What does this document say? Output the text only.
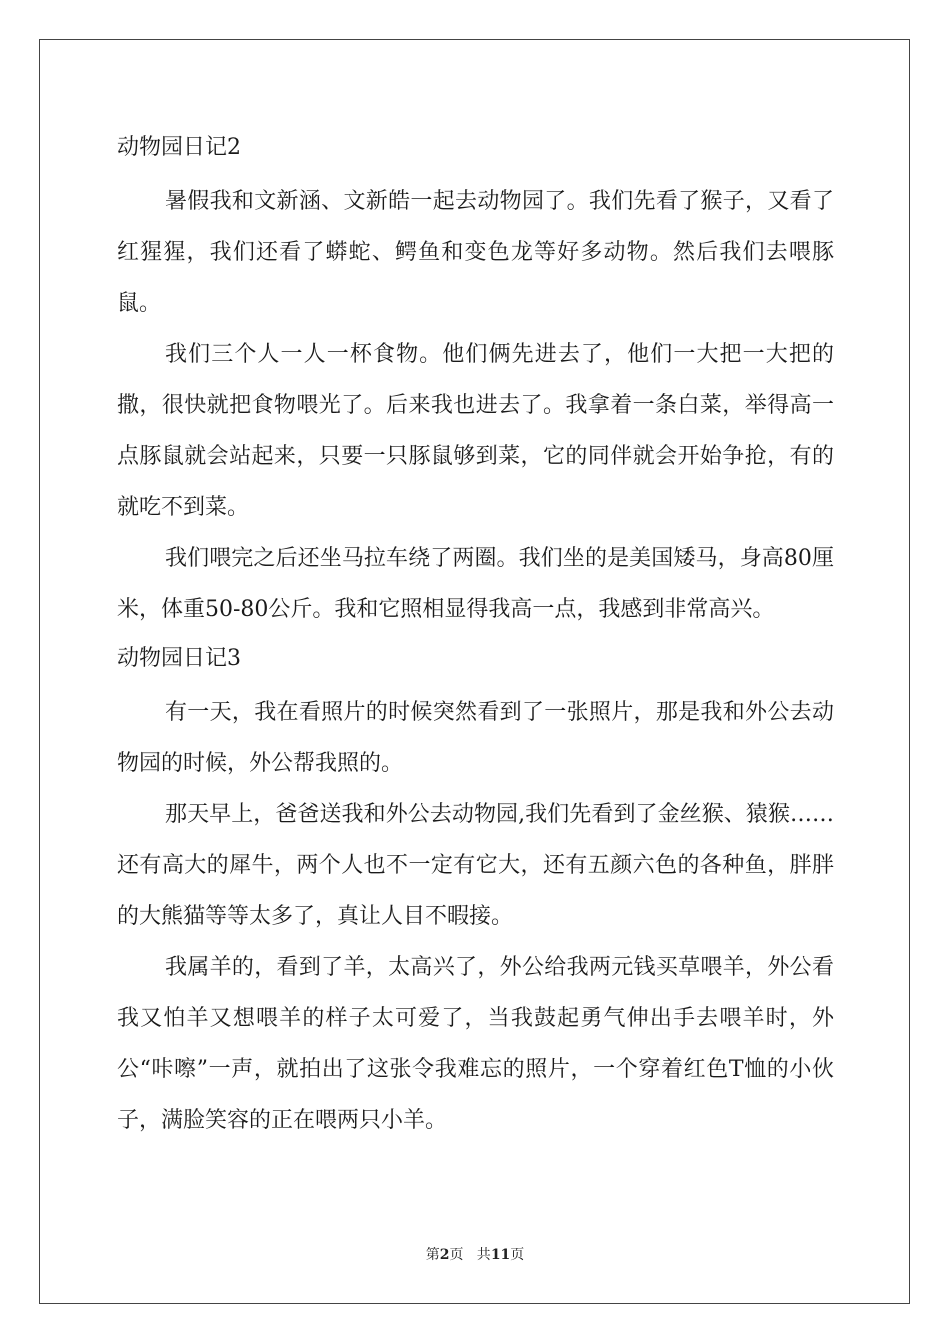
动物园日记2

暑假我和文新涵、文新皓一起去动物园了。我们先看了猴子，又看了红猩猩，我们还看了蟒蛇、鳄鱼和变色龙等好多动物。然后我们去喂豚鼠。

我们三个人一人一杯食物。他们俩先进去了，他们一大把一大把的撒，很快就把食物喂光了。后来我也进去了。我拿着一条白菜，举得高一点豚鼠就会站起来，只要一只豚鼠够到菜，它的同伴就会开始争抢，有的就吃不到菜。

我们喂完之后还坐马拉车绕了两圈。我们坐的是美国矮马，身高80厘米，体重50-80公斤。我和它照相显得我高一点，我感到非常高兴。

动物园日记3

有一天，我在看照片的时候突然看到了一张照片，那是我和外公去动物园的时候，外公帮我照的。

那天早上，爸爸送我和外公去动物园,我们先看到了金丝猴、猿猴……还有高大的犀牛，两个人也不一定有它大，还有五颜六色的各种鱼，胖胖的大熊猫等等太多了，真让人目不暇接。

我属羊的，看到了羊，太高兴了，外公给我两元钱买草喂羊，外公看我又怕羊又想喂羊的样子太可爱了，当我鼓起勇气伸出手去喂羊时，外公“咔嚓”一声，就拍出了这张令我难忘的照片，一个穿着红色T恤的小伙子，满脸笑容的正在喂两只小羊。

第2页   共11页
